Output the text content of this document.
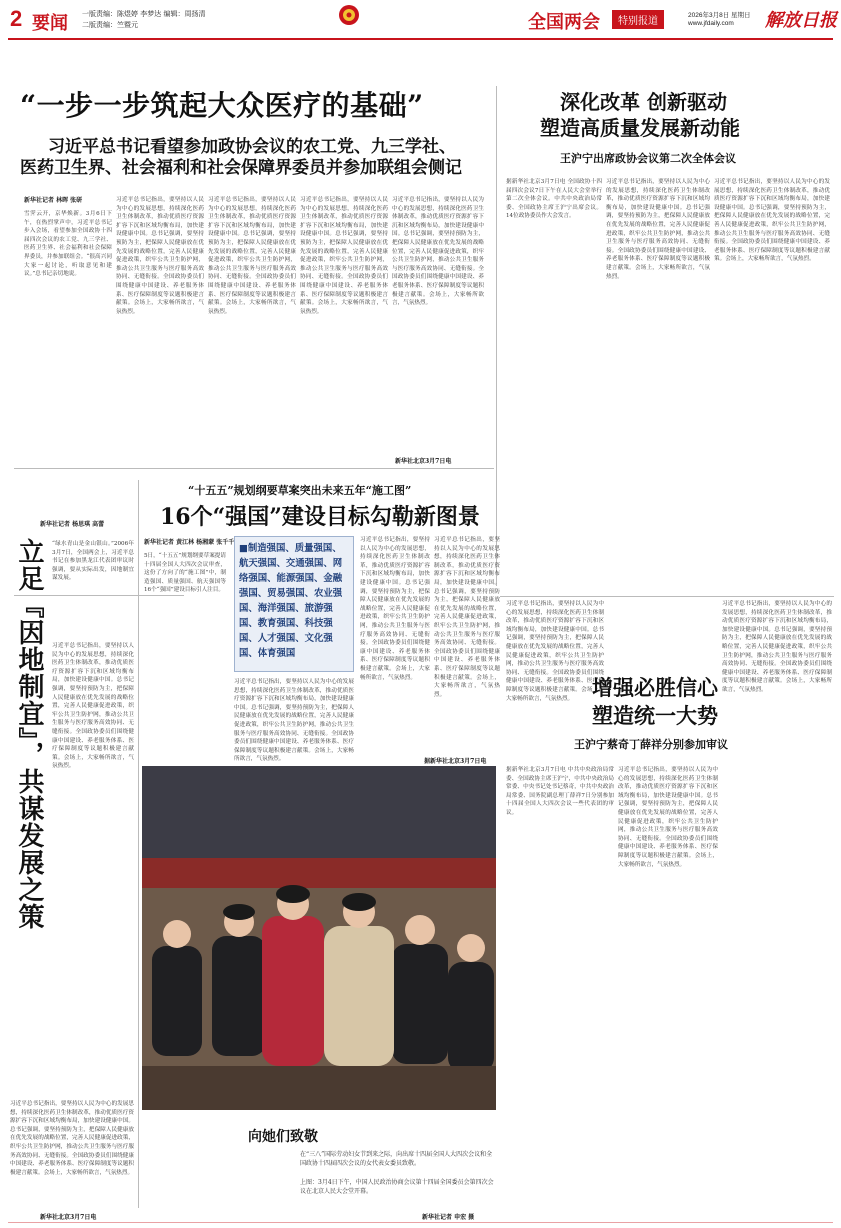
2 要闻 一版责编：陈煜婷 李梦达 编辑：周扬清
二版责编：竺暨元	全国两会	特别报道
2026年3月8日 星期日
www.jfdaily.com 解放日报
“一步一步筑起大众医疗的基础”
习近平总书记看望参加政协会议的农工党、九三学社、
医药卫生界、社会福利和社会保障界委员并参加联组会侧记
新华社记者 林晖 张研
雪霁云开，京华焕新。3月6日下午，在热烈掌声中，习近平总书记步入会场，看望参加全国政协十四届四次会议的农工党、九三学社、医药卫生界、社会福利和社会保障界委员，并参加联组会。“很高兴同大家一起讨论，听取意见和建议。”总书记亲切地说。
习近平总书记指出，要坚持以人民为中心的发展思想，持续深化医药卫生体制改革，推动优质医疗资源扩容下沉和区域均衡布局，加快建设健康中国。总书记强调，要坚持预防为主，把保障人民健康放在优先发展的战略位置，完善人民健康促进政策，织牢公共卫生防护网，推动公共卫生服务与医疗服务高效协同、无缝衔接。全国政协委员们围绕健康中国建设、养老服务体系、医疗保障制度等议题积极建言献策。会场上，大家畅所欲言，气氛热烈。
习近平总书记指出，要坚持以人民为中心的发展思想，持续深化医药卫生体制改革，推动优质医疗资源扩容下沉和区域均衡布局，加快建设健康中国。总书记强调，要坚持预防为主，把保障人民健康放在优先发展的战略位置，完善人民健康促进政策，织牢公共卫生防护网，推动公共卫生服务与医疗服务高效协同、无缝衔接。全国政协委员们围绕健康中国建设、养老服务体系、医疗保障制度等议题积极建言献策。会场上，大家畅所欲言，气氛热烈。
习近平总书记指出，要坚持以人民为中心的发展思想，持续深化医药卫生体制改革，推动优质医疗资源扩容下沉和区域均衡布局，加快建设健康中国。总书记强调，要坚持预防为主，把保障人民健康放在优先发展的战略位置，完善人民健康促进政策，织牢公共卫生防护网，推动公共卫生服务与医疗服务高效协同、无缝衔接。全国政协委员们围绕健康中国建设、养老服务体系、医疗保障制度等议题积极建言献策。会场上，大家畅所欲言，气氛热烈。
习近平总书记指出，要坚持以人民为中心的发展思想，持续深化医药卫生体制改革，推动优质医疗资源扩容下沉和区域均衡布局，加快建设健康中国。总书记强调，要坚持预防为主，把保障人民健康放在优先发展的战略位置，完善人民健康促进政策，织牢公共卫生防护网，推动公共卫生服务与医疗服务高效协同、无缝衔接。全国政协委员们围绕健康中国建设、养老服务体系、医疗保障制度等议题积极建言献策。会场上，大家畅所欲言，气氛热烈。
新华社北京3月7日电
深化改革 创新驱动
塑造高质量发展新动能
王沪宁出席政协会议第二次全体会议
据新华社北京3月7日电 全国政协十四届四次会议7日下午在人民大会堂举行第二次全体会议。中共中央政治局常委、全国政协主席王沪宁出席会议。14位政协委员作大会发言。
习近平总书记指出，要坚持以人民为中心的发展思想，持续深化医药卫生体制改革，推动优质医疗资源扩容下沉和区域均衡布局，加快建设健康中国。总书记强调，要坚持预防为主，把保障人民健康放在优先发展的战略位置，完善人民健康促进政策，织牢公共卫生防护网，推动公共卫生服务与医疗服务高效协同、无缝衔接。全国政协委员们围绕健康中国建设、养老服务体系、医疗保障制度等议题积极建言献策。会场上，大家畅所欲言，气氛热烈。
习近平总书记指出，要坚持以人民为中心的发展思想，持续深化医药卫生体制改革，推动优质医疗资源扩容下沉和区域均衡布局，加快建设健康中国。总书记强调，要坚持预防为主，把保障人民健康放在优先发展的战略位置，完善人民健康促进政策，织牢公共卫生防护网，推动公共卫生服务与医疗服务高效协同、无缝衔接。全国政协委员们围绕健康中国建设、养老服务体系、医疗保障制度等议题积极建言献策。会场上，大家畅所欲言，气氛热烈。
新华社记者 杨思琪 高蕾
立足『因地制宜』，共谋发展之策	“绿水青山是金山银山。”2006年3月7日，全国两会上，习近平总书记在参加黑龙江代表团审议时强调，要从实际出发，因地制宜谋发展。
习近平总书记指出，要坚持以人民为中心的发展思想，持续深化医药卫生体制改革，推动优质医疗资源扩容下沉和区域均衡布局，加快建设健康中国。总书记强调，要坚持预防为主，把保障人民健康放在优先发展的战略位置，完善人民健康促进政策，织牢公共卫生防护网，推动公共卫生服务与医疗服务高效协同、无缝衔接。全国政协委员们围绕健康中国建设、养老服务体系、医疗保障制度等议题积极建言献策。会场上，大家畅所欲言，气氛热烈。
习近平总书记指出，要坚持以人民为中心的发展思想，持续深化医药卫生体制改革，推动优质医疗资源扩容下沉和区域均衡布局，加快建设健康中国。总书记强调，要坚持预防为主，把保障人民健康放在优先发展的战略位置，完善人民健康促进政策，织牢公共卫生防护网，推动公共卫生服务与医疗服务高效协同、无缝衔接。全国政协委员们围绕健康中国建设、养老服务体系、医疗保障制度等议题积极建言献策。会场上，大家畅所欲言，气氛热烈。
新华社北京3月7日电
“十五五”规划纲要草案突出未来五年“施工图”
16个“强国”建设目标勾勒新图景
新华社记者 黄江林 杨湘蒙 张千千
5日，“十五五”规划纲要草案提请十四届全国人大四次会议审查，这份了方向了的“施工图”中，制造强国、质量强国、航天强国等16个“强国”建设目标引人注目。
■制造强国、质量强国、航天强国、交通强国、网络强国、能源强国、金融强国、贸易强国、农业强国、海洋强国、旅游强国、教育强国、科技强国、人才强国、文化强国、体育强国
习近平总书记指出，要坚持以人民为中心的发展思想，持续深化医药卫生体制改革，推动优质医疗资源扩容下沉和区域均衡布局，加快建设健康中国。总书记强调，要坚持预防为主，把保障人民健康放在优先发展的战略位置，完善人民健康促进政策，织牢公共卫生防护网，推动公共卫生服务与医疗服务高效协同、无缝衔接。全国政协委员们围绕健康中国建设、养老服务体系、医疗保障制度等议题积极建言献策。会场上，大家畅所欲言，气氛热烈。
习近平总书记指出，要坚持以人民为中心的发展思想，持续深化医药卫生体制改革，推动优质医疗资源扩容下沉和区域均衡布局，加快建设健康中国。总书记强调，要坚持预防为主，把保障人民健康放在优先发展的战略位置，完善人民健康促进政策，织牢公共卫生防护网，推动公共卫生服务与医疗服务高效协同、无缝衔接。全国政协委员们围绕健康中国建设、养老服务体系、医疗保障制度等议题积极建言献策。会场上，大家畅所欲言，气氛热烈。
习近平总书记指出，要坚持以人民为中心的发展思想，持续深化医药卫生体制改革，推动优质医疗资源扩容下沉和区域均衡布局，加快建设健康中国。总书记强调，要坚持预防为主，把保障人民健康放在优先发展的战略位置，完善人民健康促进政策，织牢公共卫生防护网，推动公共卫生服务与医疗服务高效协同、无缝衔接。全国政协委员们围绕健康中国建设、养老服务体系、医疗保障制度等议题积极建言献策。会场上，大家畅所欲言，气氛热烈。
据新华社北京3月7日电
习近平总书记指出，要坚持以人民为中心的发展思想，持续深化医药卫生体制改革，推动优质医疗资源扩容下沉和区域均衡布局，加快建设健康中国。总书记强调，要坚持预防为主，把保障人民健康放在优先发展的战略位置，完善人民健康促进政策，织牢公共卫生防护网，推动公共卫生服务与医疗服务高效协同、无缝衔接。全国政协委员们围绕健康中国建设、养老服务体系、医疗保障制度等议题积极建言献策。会场上，大家畅所欲言，气氛热烈。 增强必胜信心
塑造统一大势
王沪宁蔡奇丁薛祥分别参加审议
据新华社北京3月7日电 中共中央政治局常委、全国政协主席王沪宁，中共中央政治局常委、中央书记处书记蔡奇，中共中央政治局常委、国务院副总理丁薛祥7日分别参加十四届全国人大四次会议一些代表团的审议。
习近平总书记指出，要坚持以人民为中心的发展思想，持续深化医药卫生体制改革，推动优质医疗资源扩容下沉和区域均衡布局，加快建设健康中国。总书记强调，要坚持预防为主，把保障人民健康放在优先发展的战略位置，完善人民健康促进政策，织牢公共卫生防护网，推动公共卫生服务与医疗服务高效协同、无缝衔接。全国政协委员们围绕健康中国建设、养老服务体系、医疗保障制度等议题积极建言献策。会场上，大家畅所欲言，气氛热烈。
习近平总书记指出，要坚持以人民为中心的发展思想，持续深化医药卫生体制改革，推动优质医疗资源扩容下沉和区域均衡布局，加快建设健康中国。总书记强调，要坚持预防为主，把保障人民健康放在优先发展的战略位置，完善人民健康促进政策，织牢公共卫生防护网，推动公共卫生服务与医疗服务高效协同、无缝衔接。全国政协委员们围绕健康中国建设、养老服务体系、医疗保障制度等议题积极建言献策。会场上，大家畅所欲言，气氛热烈。
向她们致敬
在“三八”国际劳动妇女节到来之际，向出席十四届全国人大四次会议和全国政协十四届四次会议的女代表女委员致敬。
上图：3月4日下午，中国人民政治协商会议第十四届全国委员会第四次会议在北京人民大会堂开幕。
新华社记者 申宏 摄
